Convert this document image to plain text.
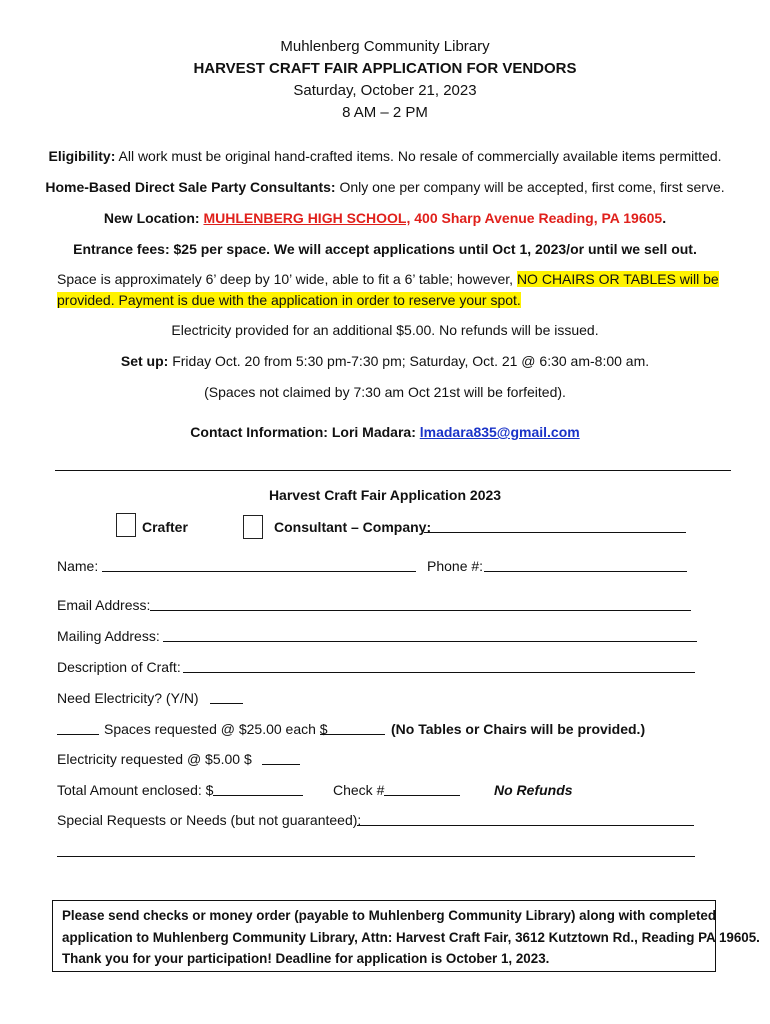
Muhlenberg Community Library
HARVEST CRAFT FAIR APPLICATION FOR VENDORS
Saturday, October 21, 2023
8 AM – 2 PM
Eligibility: All work must be original hand-crafted items. No resale of commercially available items permitted.
Home-Based Direct Sale Party Consultants: Only one per company will be accepted, first come, first serve.
New Location: MUHLENBERG HIGH SCHOOL, 400 Sharp Avenue Reading, PA 19605.
Entrance fees: $25 per space. We will accept applications until Oct 1, 2023/or until we sell out.
Space is approximately 6’ deep by 10’ wide, able to fit a 6’ table; however, NO CHAIRS OR TABLES will be
provided. Payment is due with the application in order to reserve your spot.
Electricity provided for an additional $5.00. No refunds will be issued.
Set up: Friday Oct. 20 from 5:30 pm-7:30 pm; Saturday, Oct. 21 @ 6:30 am-8:00 am.
(Spaces not claimed by 7:30 am Oct 21st will be forfeited).
Contact Information: Lori Madara: lmadara835@gmail.com
Harvest Craft Fair Application 2023
Crafter	Consultant – Company:
Name:	Phone #:
Email Address:
Mailing Address:
Description of Craft:
Need Electricity? (Y/N)
Spaces requested @ $25.00 each $	(No Tables or Chairs will be provided.)
Electricity requested @ $5.00 $
Total Amount enclosed: $	Check #	No Refunds
Special Requests or Needs (but not guaranteed):
Please send checks or money order (payable to Muhlenberg Community Library) along with completed
application to Muhlenberg Community Library, Attn: Harvest Craft Fair, 3612 Kutztown Rd., Reading PA 19605.
Thank you for your participation! Deadline for application is October 1, 2023.
